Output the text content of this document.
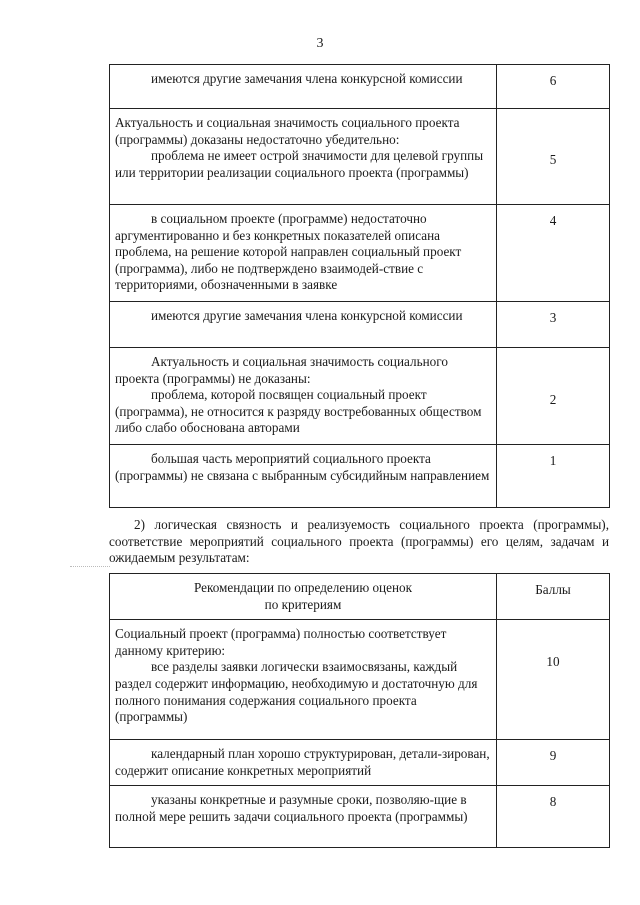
3
имеются другие замечания члена конкурсной комиссии	6

Актуальность и социальная значимость социального проекта (программы) доказаны недостаточно убедительно:
проблема не имеет острой значимости для целевой группы или территории реализации социального проекта (программы)	5

в социальном проекте (программе) недостаточно аргументированно и без конкретных показателей описана проблема, на решение которой направлен социальный проект (программа), либо не подтверждено взаимодей-ствие с территориями, обозначенными в заявке	4

имеются другие замечания члена конкурсной комиссии	3

Актуальность и социальная значимость социального проекта (программы) не доказаны:
проблема, которой посвящен социальный проект (программа), не относится к разряду востребованных обществом либо слабо обоснована авторами	2

большая часть мероприятий социального проекта (программы) не связана с выбранным субсидийным направлением	1
2) логическая связность и реализуемость социального проекта (программы), соответствие мероприятий социального проекта (программы) его целям, задачам и ожидаемым результатам:
Рекомендации по определению оценок по критериям	Баллы

Социальный проект (программа) полностью соответствует данному критерию:
все разделы заявки логически взаимосвязаны, каждый раздел содержит информацию, необходимую и достаточную для полного понимания содержания социального проекта (программы)	10

календарный план хорошо структурирован, детали-зирован, содержит описание конкретных мероприятий	9

указаны конкретные и разумные сроки, позволяю-щие в полной мере решить задачи социального проекта (программы)	8
